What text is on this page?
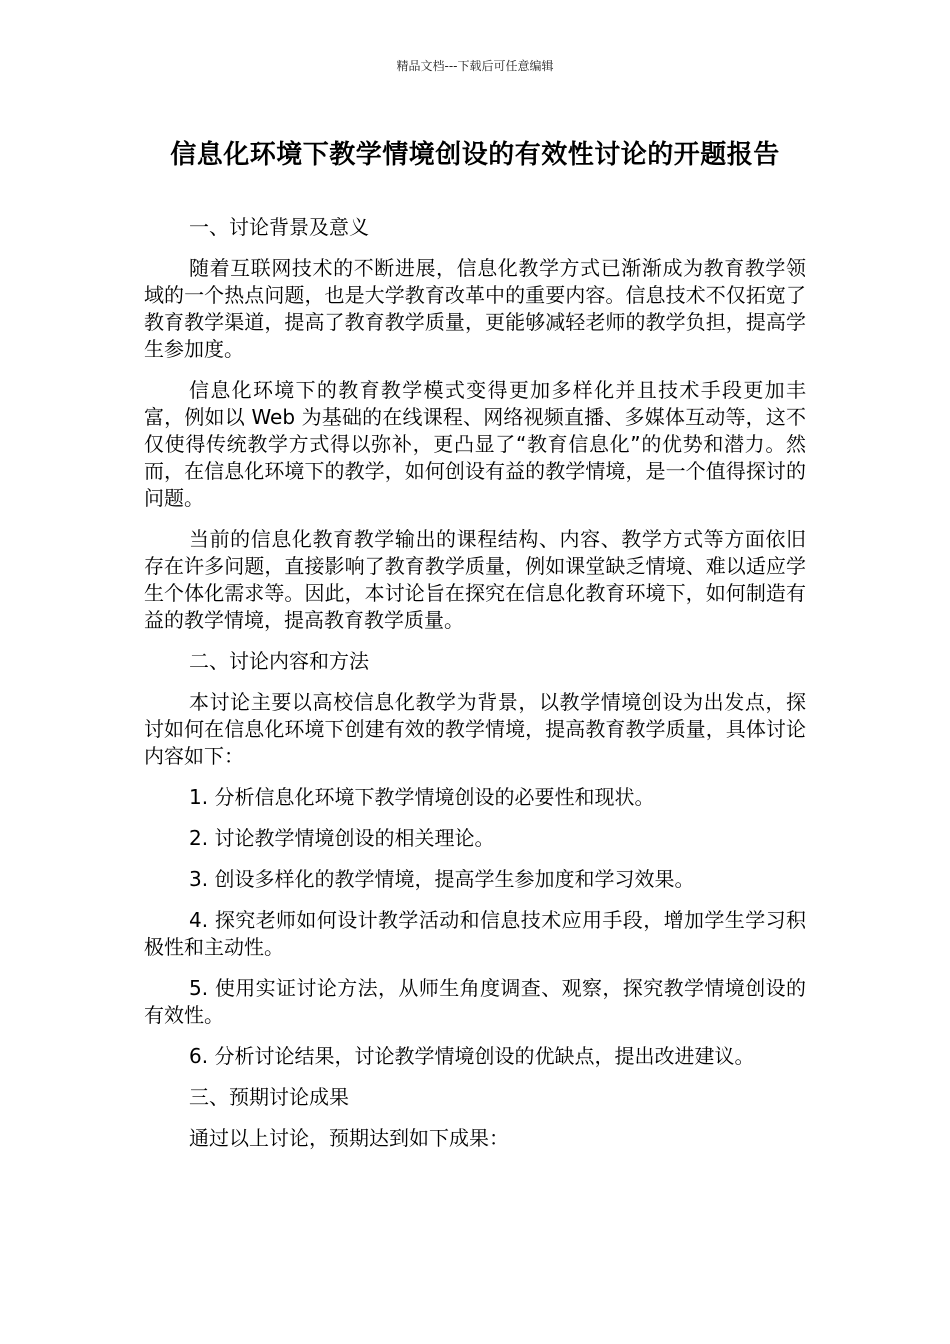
精品文档---下载后可任意编辑
信息化环境下教学情境创设的有效性讨论的开题报告

一、讨论背景及意义

随着互联网技术的不断进展，信息化教学方式已渐渐成为教育教学领域的一个热点问题，也是大学教育改革中的重要内容。信息技术不仅拓宽了教育教学渠道，提高了教育教学质量，更能够减轻老师的教学负担，提高学生参加度。

信息化环境下的教育教学模式变得更加多样化并且技术手段更加丰富，例如以 Web 为基础的在线课程、网络视频直播、多媒体互动等，这不仅使得传统教学方式得以弥补，更凸显了“教育信息化”的优势和潜力。然而，在信息化环境下的教学，如何创设有益的教学情境，是一个值得探讨的问题。

当前的信息化教育教学输出的课程结构、内容、教学方式等方面依旧存在许多问题，直接影响了教育教学质量，例如课堂缺乏情境、难以适应学生个体化需求等。因此，本讨论旨在探究在信息化教育环境下，如何制造有益的教学情境，提高教育教学质量。

二、讨论内容和方法

本讨论主要以高校信息化教学为背景，以教学情境创设为出发点，探讨如何在信息化环境下创建有效的教学情境，提高教育教学质量，具体讨论内容如下：

1. 分析信息化环境下教学情境创设的必要性和现状。

2. 讨论教学情境创设的相关理论。

3. 创设多样化的教学情境，提高学生参加度和学习效果。

4. 探究老师如何设计教学活动和信息技术应用手段，增加学生学习积极性和主动性。

5. 使用实证讨论方法，从师生角度调查、观察，探究教学情境创设的有效性。

6. 分析讨论结果，讨论教学情境创设的优缺点，提出改进建议。

三、预期讨论成果

通过以上讨论，预期达到如下成果：
